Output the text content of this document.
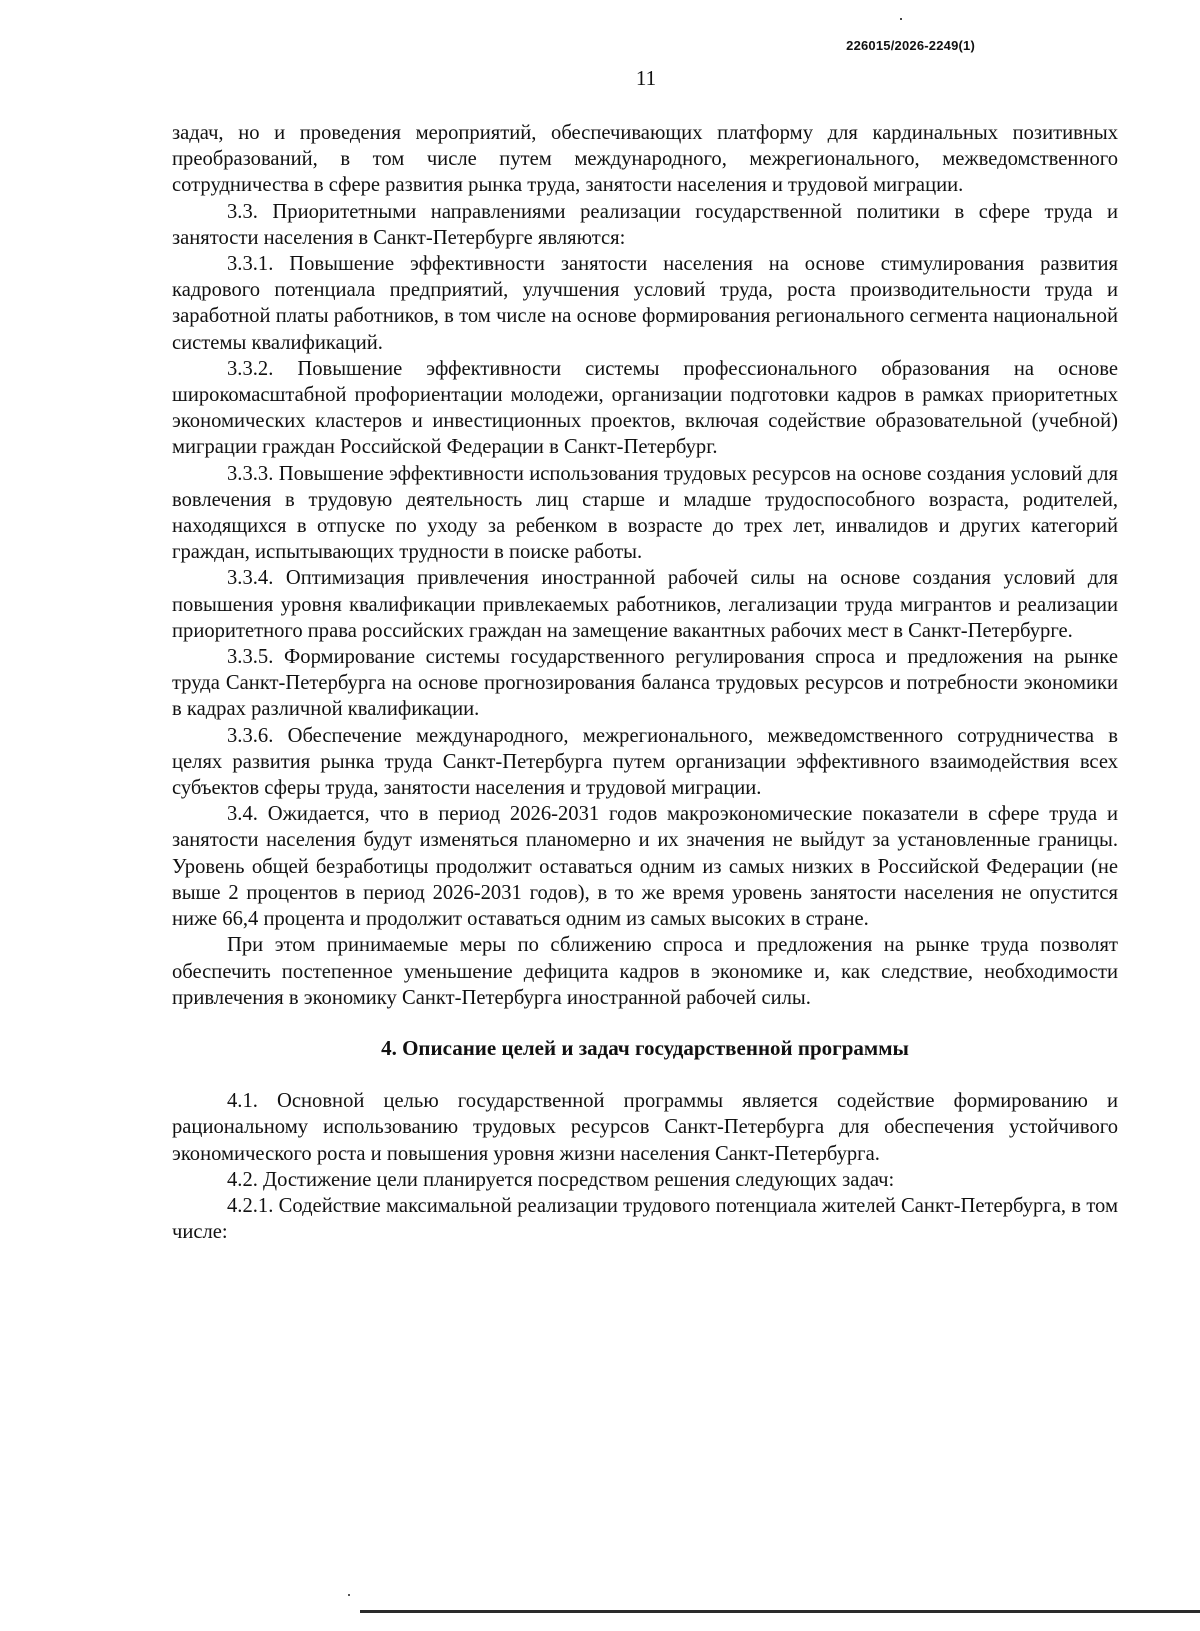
226015/2026-2249(1)
11

задач, но и проведения мероприятий, обеспечивающих платформу для кардинальных позитивных преобразований, в том числе путем международного, межрегионального, межведомственного сотрудничества в сфере развития рынка труда, занятости населения и трудовой миграции.

3.3. Приоритетными направлениями реализации государственной политики в сфере труда и занятости населения в Санкт-Петербурге являются:

3.3.1. Повышение эффективности занятости населения на основе стимулирования развития кадрового потенциала предприятий, улучшения условий труда, роста производительности труда и заработной платы работников, в том числе на основе формирования регионального сегмента национальной системы квалификаций.

3.3.2. Повышение эффективности системы профессионального образования на основе широкомасштабной профориентации молодежи, организации подготовки кадров в рамках приоритетных экономических кластеров и инвестиционных проектов, включая содействие образовательной (учебной) миграции граждан Российской Федерации в Санкт-Петербург.

3.3.3. Повышение эффективности использования трудовых ресурсов на основе создания условий для вовлечения в трудовую деятельность лиц старше и младше трудоспособного возраста, родителей, находящихся в отпуске по уходу за ребенком в возрасте до трех лет, инвалидов и других категорий граждан, испытывающих трудности в поиске работы.

3.3.4. Оптимизация привлечения иностранной рабочей силы на основе создания условий для повышения уровня квалификации привлекаемых работников, легализации труда мигрантов и реализации приоритетного права российских граждан на замещение вакантных рабочих мест в Санкт-Петербурге.

3.3.5. Формирование системы государственного регулирования спроса и предложения на рынке труда Санкт-Петербурга на основе прогнозирования баланса трудовых ресурсов и потребности экономики в кадрах различной квалификации.

3.3.6. Обеспечение международного, межрегионального, межведомственного сотрудничества в целях развития рынка труда Санкт-Петербурга путем организации эффективного взаимодействия всех субъектов сферы труда, занятости населения и трудовой миграции.

3.4. Ожидается, что в период 2026-2031 годов макроэкономические показатели в сфере труда и занятости населения будут изменяться планомерно и их значения не выйдут за установленные границы. Уровень общей безработицы продолжит оставаться одним из самых низких в Российской Федерации (не выше 2 процентов в период 2026-2031 годов), в то же время уровень занятости населения не опустится ниже 66,4 процента и продолжит оставаться одним из самых высоких в стране.

При этом принимаемые меры по сближению спроса и предложения на рынке труда позволят обеспечить постепенное уменьшение дефицита кадров в экономике и, как следствие, необходимости привлечения в экономику Санкт-Петербурга иностранной рабочей силы.

4. Описание целей и задач государственной программы

4.1. Основной целью государственной программы является содействие формированию и рациональному использованию трудовых ресурсов Санкт-Петербурга для обеспечения устойчивого экономического роста и повышения уровня жизни населения Санкт-Петербурга.

4.2. Достижение цели планируется посредством решения следующих задач:

4.2.1. Содействие максимальной реализации трудового потенциала жителей Санкт-Петербурга, в том числе:
